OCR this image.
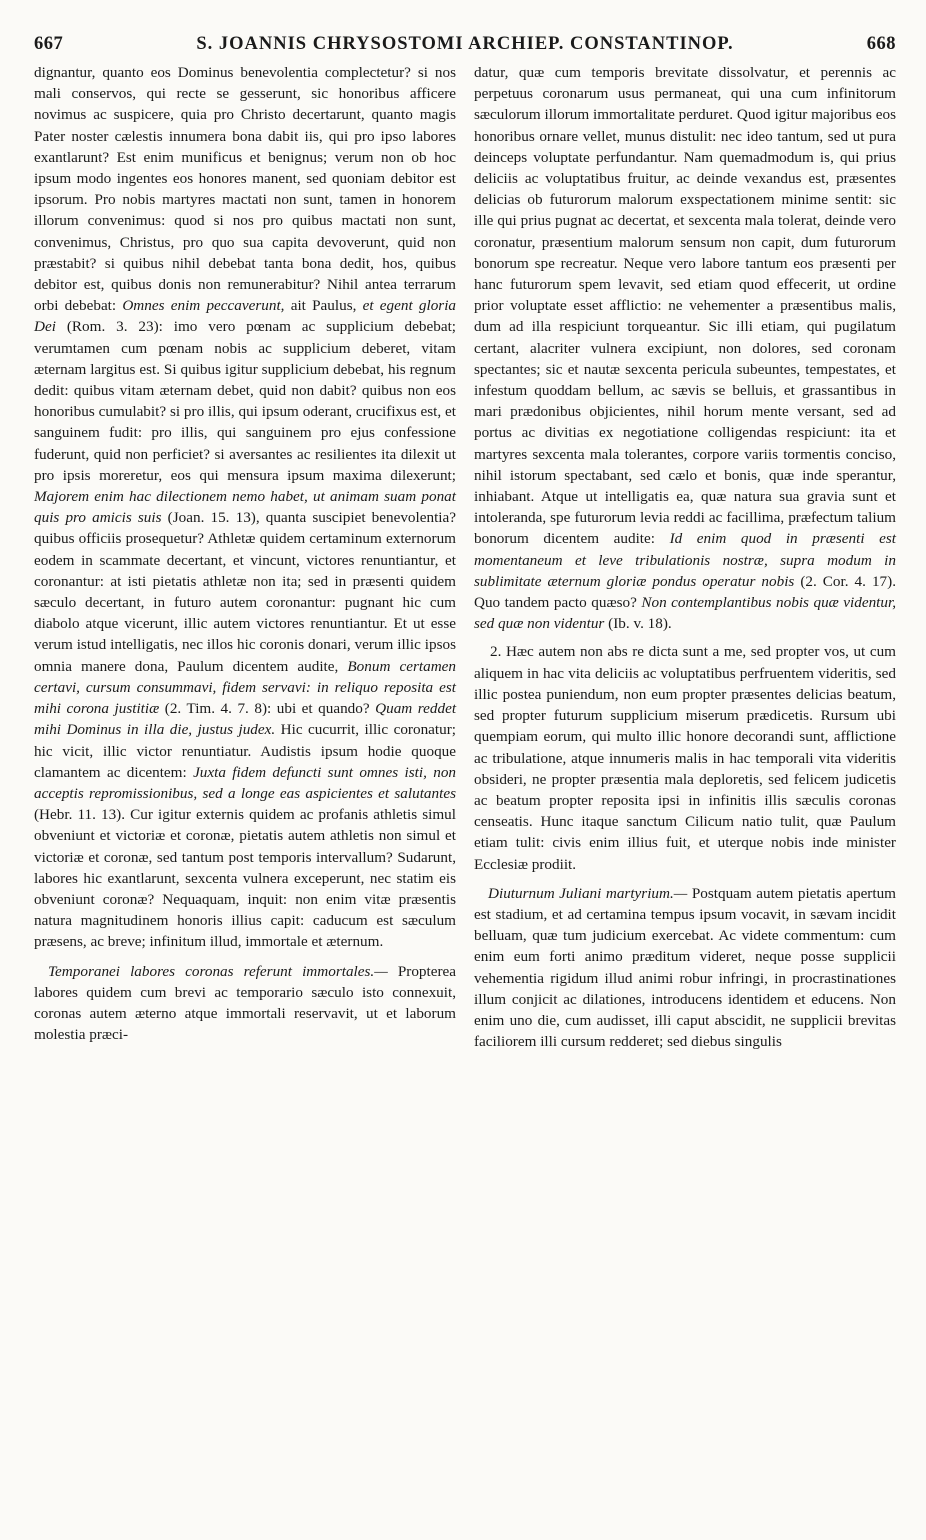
667	S. JOANNIS CHRYSOSTOMI ARCHIEP. CONSTANTINOP.	668

dignantur, quanto eos Dominus benevolentia complectetur? si nos mali conservos, qui recte se gesserunt, sic honoribus afficere novimus ac suspicere, quia pro Christo decertarunt, quanto magis Pater noster cælestis innumera bona dabit iis, qui pro ipso labores exantlarunt? Est enim munificus et benignus; verum non ob hoc ipsum modo ingentes eos honores manent, sed quoniam debitor est ipsorum. Pro nobis martyres mactati non sunt, tamen in honorem illorum convenimus: quod si nos pro quibus mactati non sunt, convenimus, Christus, pro quo sua capita devoverunt, quid non præstabit? si quibus nihil debebat tanta bona dedit, hos, quibus debitor est, quibus donis non remunerabitur? Nihil antea terrarum orbi debebat: Omnes enim peccaverunt, ait Paulus, et egent gloria Dei (Rom. 3. 23): imo vero pœnam ac supplicium debebat; verumtamen cum pœnam nobis ac supplicium deberet, vitam æternam largitus est. Si quibus igitur supplicium debebat, his regnum dedit: quibus vitam æternam debet, quid non dabit? quibus non eos honoribus cumulabit? si pro illis, qui ipsum oderant, crucifixus est, et sanguinem fudit: pro illis, qui sanguinem pro ejus confessione fuderunt, quid non perficiet? si aversantes ac resilientes ita dilexit ut pro ipsis moreretur, eos qui mensura ipsum maxima dilexerunt; Majorem enim hac dilectionem nemo habet, ut animam suam ponat quis pro amicis suis (Joan. 15. 13), quanta suscipiet benevolentia? quibus officiis prosequetur? Athletæ quidem certaminum externorum eodem in scammate decertant, et vincunt, victores renuntiantur, et coronantur: at isti pietatis athletæ non ita; sed in præsenti quidem sæculo decertant, in futuro autem coronantur: pugnant hic cum diabolo atque vicerunt, illic autem victores renuntiantur. Et ut esse verum istud intelligatis, nec illos hic coronis donari, verum illic ipsos omnia manere dona, Paulum dicentem audite, Bonum certamen certavi, cursum consummavi, fidem servavi: in reliquo reposita est mihi corona justitiæ (2. Tim. 4. 7. 8): ubi et quando? Quam reddet mihi Dominus in illa die, justus judex. Hic cucurrit, illic coronatur; hic vicit, illic victor renuntiatur. Audistis ipsum hodie quoque clamantem ac dicentem: Juxta fidem defuncti sunt omnes isti, non acceptis repromissionibus, sed a longe eas aspicientes et salutantes (Hebr. 11. 13). Cur igitur externis quidem ac profanis athletis simul obveniunt et victoriæ et coronæ, pietatis autem athletis non simul et victoriæ et coronæ, sed tantum post temporis intervallum? Sudarunt, labores hic exantlarunt, sexcenta vulnera exceperunt, nec statim eis obveniunt coronæ? Nequaquam, inquit: non enim vitæ præsentis natura magnitudinem honoris illius capit: caducum est sæculum præsens, ac breve; infinitum illud, immortale et æternum.

Temporanei labores coronas referunt immortales.— Propterea labores quidem cum brevi ac temporario sæculo isto connexuit, coronas autem æterno atque immortali reservavit, ut et laborum molestia præci-

datur, quæ cum temporis brevitate dissolvatur, et perennis ac perpetuus coronarum usus permaneat, qui una cum infinitorum sæculorum illorum immortalitate perduret. Quod igitur majoribus eos honoribus ornare vellet, munus distulit: nec ideo tantum, sed ut pura deinceps voluptate perfundantur. Nam quemadmodum is, qui prius deliciis ac voluptatibus fruitur, ac deinde vexandus est, præsentes delicias ob futurorum malorum exspectationem minime sentit: sic ille qui prius pugnat ac decertat, et sexcenta mala tolerat, deinde vero coronatur, præsentium malorum sensum non capit, dum futurorum bonorum spe recreatur. Neque vero labore tantum eos præsenti per hanc futurorum spem levavit, sed etiam quod effecerit, ut ordine prior voluptate esset afflictio: ne vehementer a præsentibus malis, dum ad illa respiciunt torqueantur. Sic illi etiam, qui pugilatum certant, alacriter vulnera excipiunt, non dolores, sed coronam spectantes; sic et nautæ sexcenta pericula subeuntes, tempestates, et infestum quoddam bellum, ac sævis se belluis, et grassantibus in mari prædonibus objicientes, nihil horum mente versant, sed ad portus ac divitias ex negotiatione colligendas respiciunt: ita et martyres sexcenta mala tolerantes, corpore variis tormentis conciso, nihil istorum spectabant, sed cælo et bonis, quæ inde sperantur, inhiabant. Atque ut intelligatis ea, quæ natura sua gravia sunt et intoleranda, spe futurorum levia reddi ac facillima, præfectum talium bonorum dicentem audite: Id enim quod in præsenti est momentaneum et leve tribulationis nostræ, supra modum in sublimitate æternum gloriæ pondus operatur nobis (2. Cor. 4. 17). Quo tandem pacto quæso? Non contemplantibus nobis quæ videntur, sed quæ non videntur (Ib. v. 18).

2. Hæc autem non abs re dicta sunt a me, sed propter vos, ut cum aliquem in hac vita deliciis ac voluptatibus perfruentem videritis, sed illic postea puniendum, non eum propter præsentes delicias beatum, sed propter futurum supplicium miserum prædicetis. Rursum ubi quempiam eorum, qui multo illic honore decorandi sunt, afflictione ac tribulatione, atque innumeris malis in hac temporali vita videritis obsideri, ne propter præsentia mala deploretis, sed felicem judicetis ac beatum propter reposita ipsi in infinitis illis sæculis coronas censeatis. Hunc itaque sanctum Cilicum natio tulit, quæ Paulum etiam tulit: civis enim illius fuit, et uterque nobis inde minister Ecclesiæ prodiit.

Diuturnum Juliani martyrium.— Postquam autem pietatis apertum est stadium, et ad certamina tempus ipsum vocavit, in sævam incidit belluam, quæ tum judicium exercebat. Ac videte commentum: cum enim eum forti animo præditum videret, neque posse supplicii vehementia rigidum illud animi robur infringi, in procrastinationes illum conjicit ac dilationes, introducens identidem et educens. Non enim uno die, cum audisset, illi caput abscidit, ne supplicii brevitas faciliorem illi cursum redderet; sed diebus singulis
